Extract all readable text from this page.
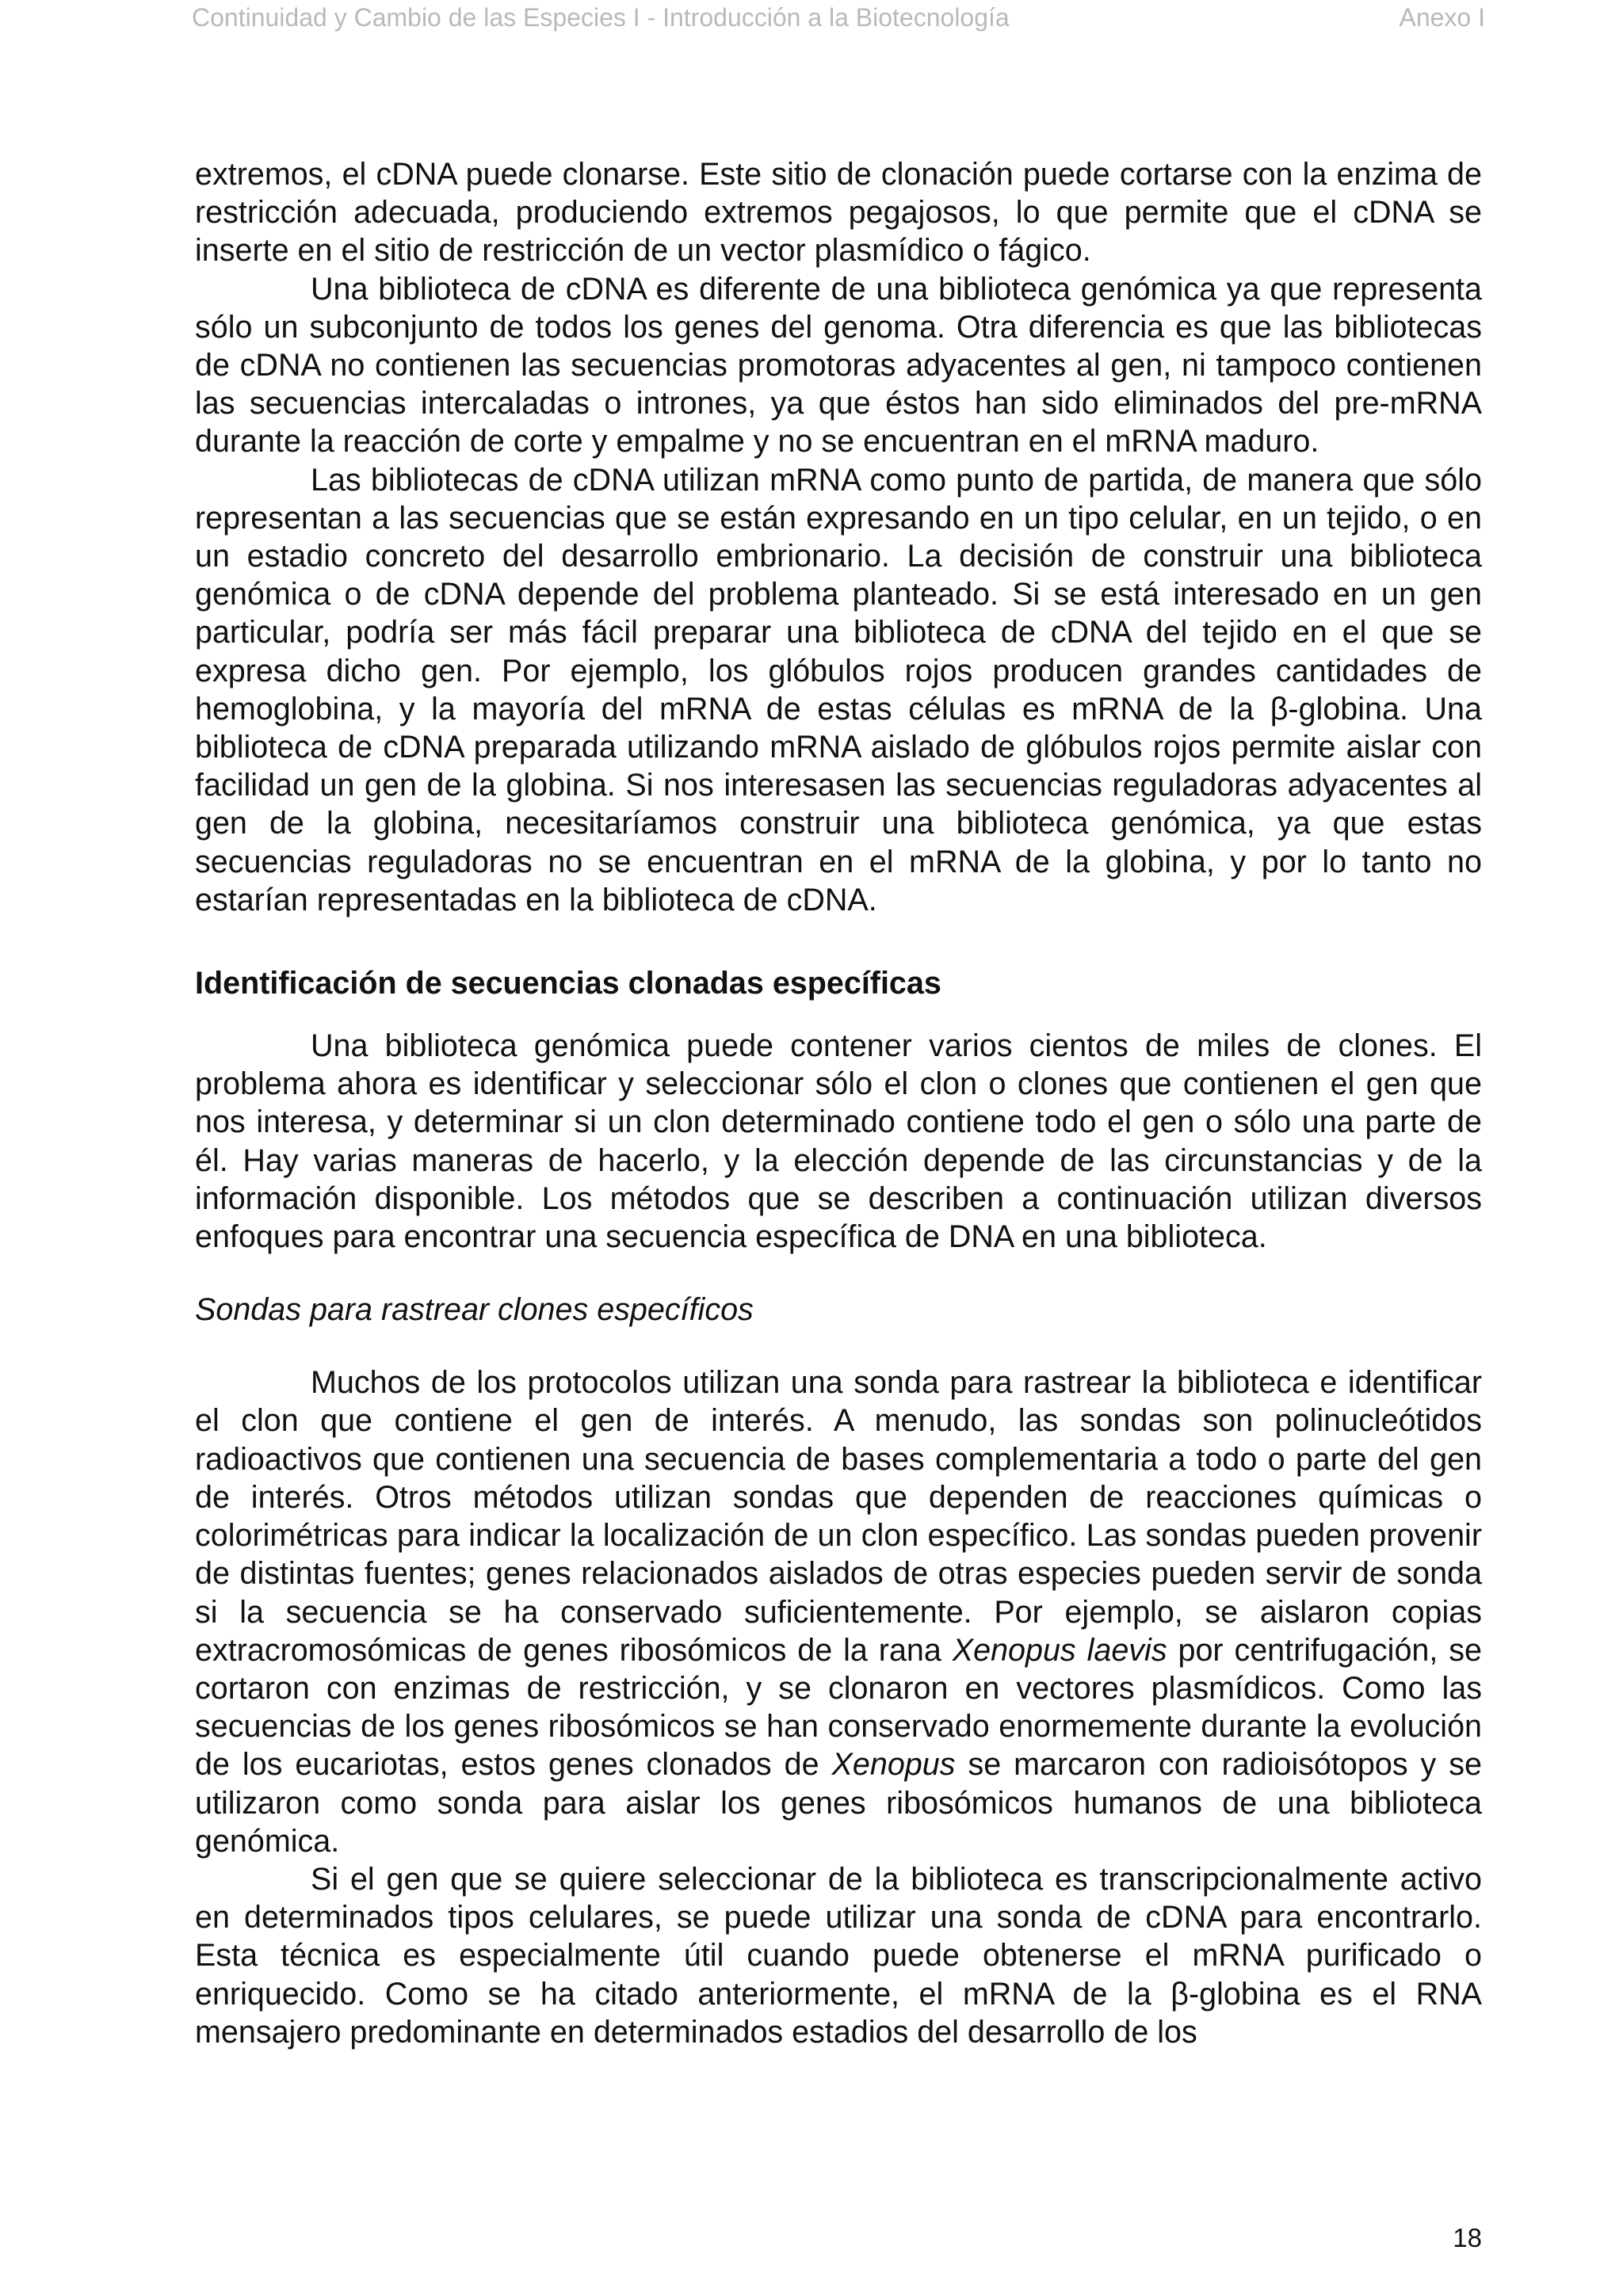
Continuidad y Cambio de las Especies I - Introducción a la Biotecnología	Anexo I

extremos, el cDNA puede clonarse. Este sitio de clonación puede cortarse con la enzima de restricción adecuada, produciendo extremos pegajosos, lo que permite que el cDNA se inserte en el sitio de restricción de un vector plasmídico o fágico.

Una biblioteca de cDNA es diferente de una biblioteca genómica ya que representa sólo un subconjunto de todos los genes del genoma. Otra diferencia es que las bibliotecas de cDNA no contienen las secuencias promotoras adyacentes al gen, ni tampoco contienen las secuencias intercaladas o intrones, ya que éstos han sido eliminados del pre-mRNA durante la reacción de corte y empalme y no se encuentran en el mRNA maduro.

Las bibliotecas de cDNA utilizan mRNA como punto de partida, de manera que sólo representan a las secuencias que se están expresando en un tipo celular, en un tejido, o en un estadio concreto del desarrollo embrionario. La decisión de construir una biblioteca genómica o de cDNA depende del problema planteado. Si se está interesado en un gen particular, podría ser más fácil preparar una biblioteca de cDNA del tejido en el que se expresa dicho gen. Por ejemplo, los glóbulos rojos producen grandes cantidades de hemoglobina, y la mayoría del mRNA de estas células es mRNA de la β-globina. Una biblioteca de cDNA preparada utilizando mRNA aislado de glóbulos rojos permite aislar con facilidad un gen de la globina. Si nos interesasen las secuencias reguladoras adyacentes al gen de la globina, necesitaríamos construir una biblioteca genómica, ya que estas secuencias reguladoras no se encuentran en el mRNA de la globina, y por lo tanto no estarían representadas en la biblioteca de cDNA.

Identificación de secuencias clonadas específicas

Una biblioteca genómica puede contener varios cientos de miles de clones. El problema ahora es identificar y seleccionar sólo el clon o clones que contienen el gen que nos interesa, y determinar si un clon determinado contiene todo el gen o sólo una parte de él. Hay varias maneras de hacerlo, y la elección depende de las circunstancias y de la información disponible. Los métodos que se describen a continuación utilizan diversos enfoques para encontrar una secuencia específica de DNA en una biblioteca.

Sondas para rastrear clones específicos

Muchos de los protocolos utilizan una sonda para rastrear la biblioteca e identificar el clon que contiene el gen de interés. A menudo, las sondas son polinucleótidos radioactivos que contienen una secuencia de bases complementaria a todo o parte del gen de interés. Otros métodos utilizan sondas que dependen de reacciones químicas o colorimétricas para indicar la localización de un clon específico. Las sondas pueden provenir de distintas fuentes; genes relacionados aislados de otras especies pueden servir de sonda si la secuencia se ha conservado suficientemente. Por ejemplo, se aislaron copias extracromosómicas de genes ribosómicos de la rana Xenopus laevis por centrifugación, se cortaron con enzimas de restricción, y se clonaron en vectores plasmídicos. Como las secuencias de los genes ribosómicos se han conservado enormemente durante la evolución de los eucariotas, estos genes clonados de Xenopus se marcaron con radioisótopos y se utilizaron como sonda para aislar los genes ribosómicos humanos de una biblioteca genómica.

Si el gen que se quiere seleccionar de la biblioteca es transcripcionalmente activo en determinados tipos celulares, se puede utilizar una sonda de cDNA para encontrarlo. Esta técnica es especialmente útil cuando puede obtenerse el mRNA purificado o enriquecido. Como se ha citado anteriormente, el mRNA de la β-globina es el RNA mensajero predominante en determinados estadios del desarrollo de los

18
